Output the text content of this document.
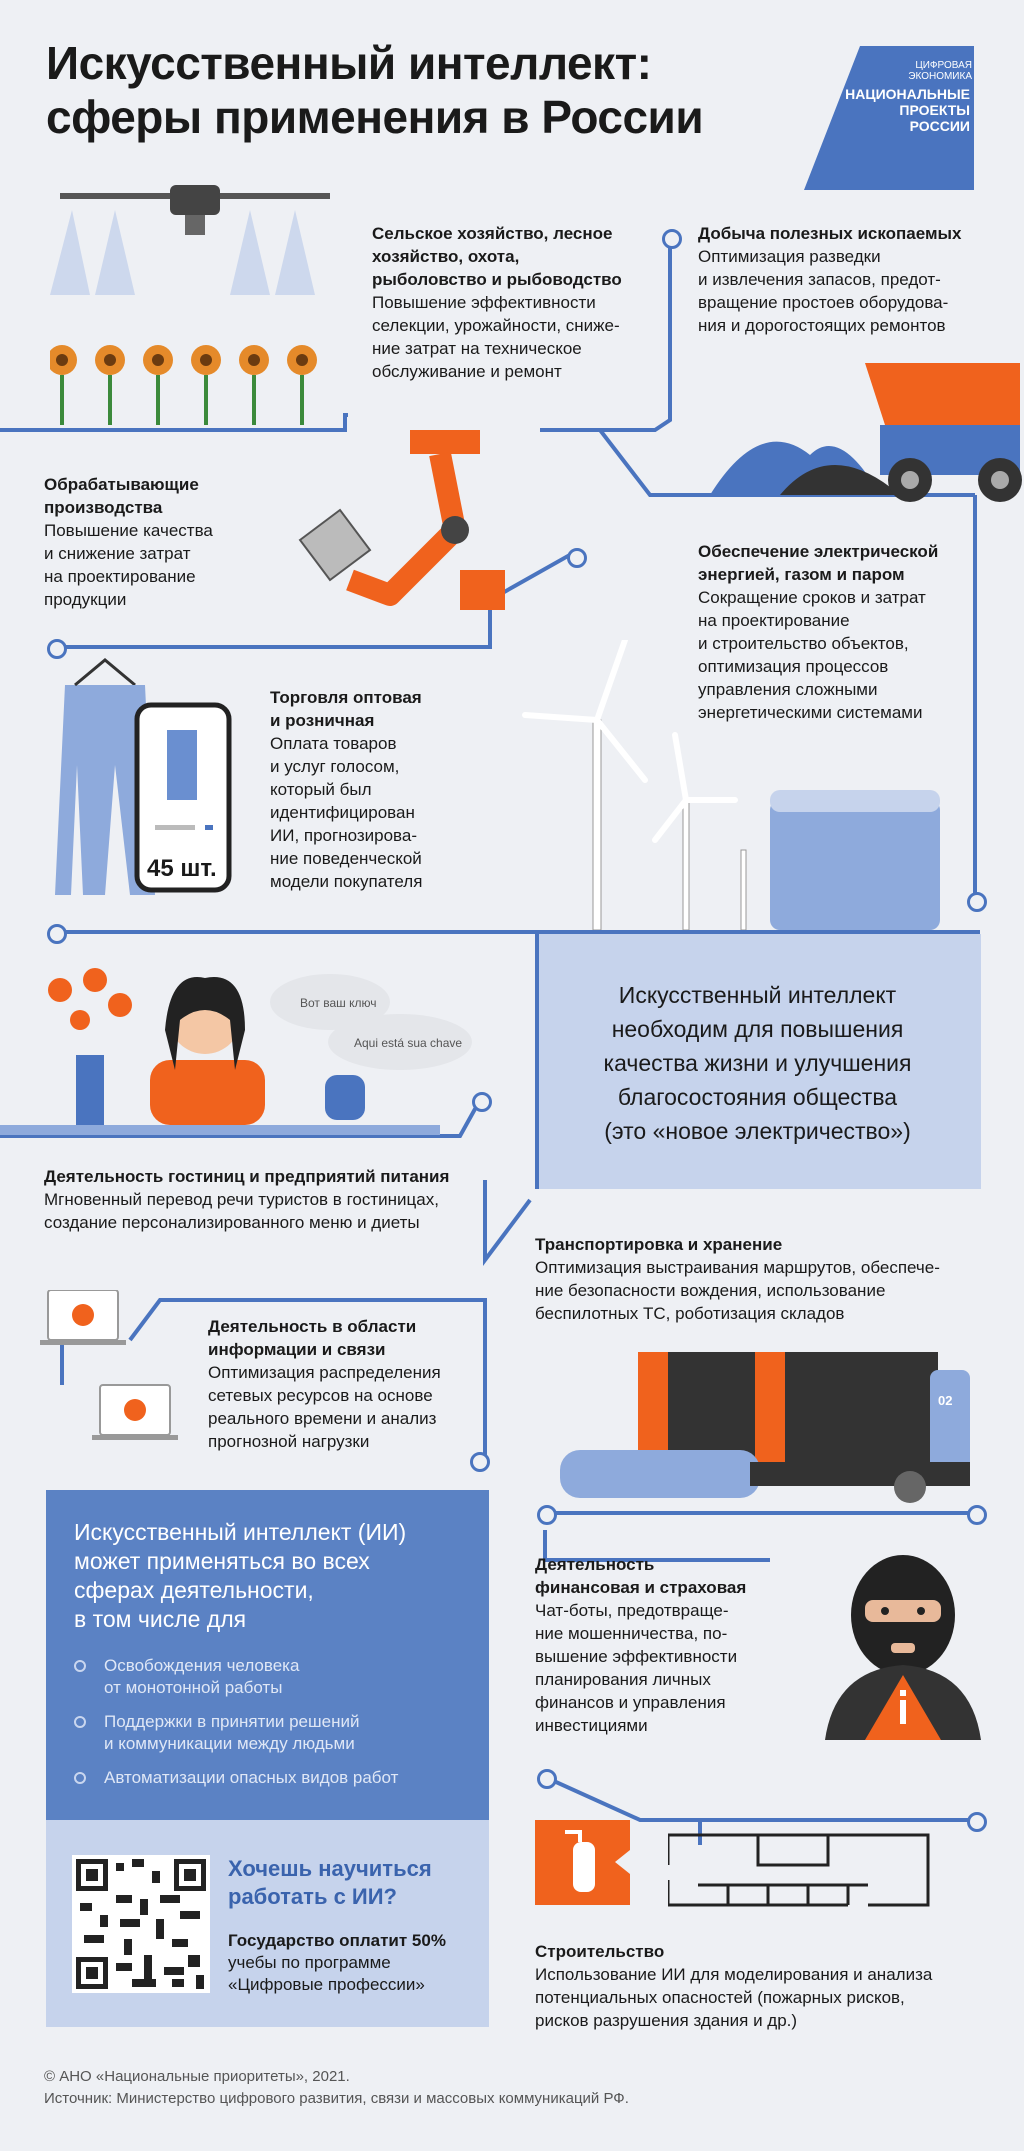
Искусственный интеллект:
сферы применения в России
ЦИФРОВАЯ ЭКОНОМИКА
НАЦИОНАЛЬНЫЕ
ПРОЕКТЫ
РОССИИ
Сельское хозяйство, лесное
хозяйство, охота,
рыболовство и рыбоводство
Повышение эффективности
селекции, урожайности, сниже-
ние затрат на техническое
обслуживание и ремонт
Добыча полезных ископаемых
Оптимизация разведки
и извлечения запасов, предот-
вращение простоев оборудова-
ния и дорогостоящих ремонтов
Обрабатывающие
производства
Повышение качества
и снижение затрат
на проектирование
продукции
Обеспечение электрической
энергией, газом и паром
Сокращение сроков и затрат
на проектирование
и строительство объектов,
оптимизация процессов
управления сложными
энергетическими системами
45 шт.
Торговля оптовая
и розничная
Оплата товаров
и услуг голосом,
который был
идентифицирован
ИИ, прогнозирова-
ние поведенческой
модели покупателя
Искусственный интеллект
необходим для повышения
качества жизни и улучшения
благосостояния общества
(это «новое электричество»)
Вот ваш ключ
Aqui está sua chave
Деятельность гостиниц и предприятий питания
Мгновенный перевод речи туристов в гостиницах,
создание персонализированного меню и диеты
Транспортировка и хранение
Оптимизация выстраивания маршрутов, обеспече-
ние безопасности вождения, использование
беспилотных ТС, роботизация складов
02
Деятельность в области
информации и связи
Оптимизация распределения
сетевых ресурсов на основе
реального времени и анализ
прогнозной нагрузки
Искусственный интеллект (ИИ)
может применяться во всех
сферах деятельности,
в том числе для
Освобождения человека
от монотонной работы
Поддержки в принятии решений
и коммуникации между людьми
Автоматизации опасных видов работ
Хочешь научиться
работать с ИИ?
Государство оплатит 50%
учебы по программе
«Цифровые профессии»
Деятельность
финансовая и страховая
Чат-боты, предотвраще-
ние мошенничества, по-
вышение эффективности
планирования личных
финансов и управления
инвестициями
Строительство
Использование ИИ для моделирования и анализа
потенциальных опасностей (пожарных рисков,
рисков разрушения здания и др.)
© АНО «Национальные приоритеты», 2021.
Источник: Министерство цифрового развития, связи и массовых коммуникаций РФ.
